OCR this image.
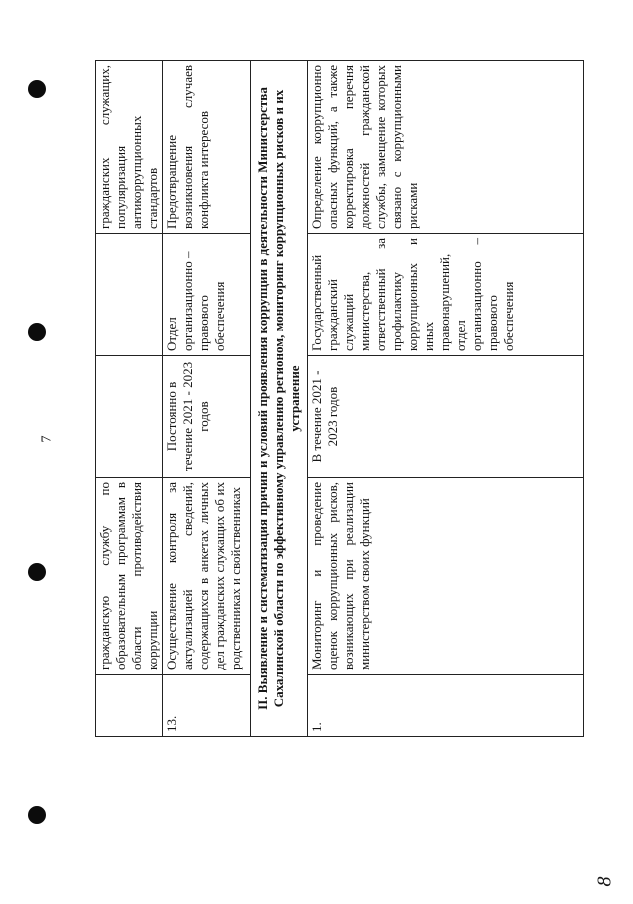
7
8
	гражданскую службу по образовательным программам в области противодействия коррупции			гражданских служащих, популяризация антикоррупционных стандартов
13.	Осуществление контроля за актуализацией сведений, содержащихся в анкетах личных дел гражданских служащих об их родственниках и свойственниках	Постоянно в течение 2021 - 2023 годов	Отдел организационно – правового обеспечения	Предотвращение возникновения случаев конфликта интересов
II. Выявление и систематизация причин и условий проявления коррупции в деятельности Министерства Сахалинской области по эффективному управлению регионом, мониторинг коррупционных рисков и их устранение				
1.	Мониторинг и проведение оценок коррупционных рисков, возникающих при реализации министерством своих функций	В течение 2021 - 2023 годов	Государственный гражданский служащий министерства, ответственный за профилактику коррупционных и иных правонарушений, отдел организационно – правового обеспечения	Определение коррупционно опасных функций, а также корректировка перечня должностей гражданской службы, замещение которых связано с коррупционными рисками
